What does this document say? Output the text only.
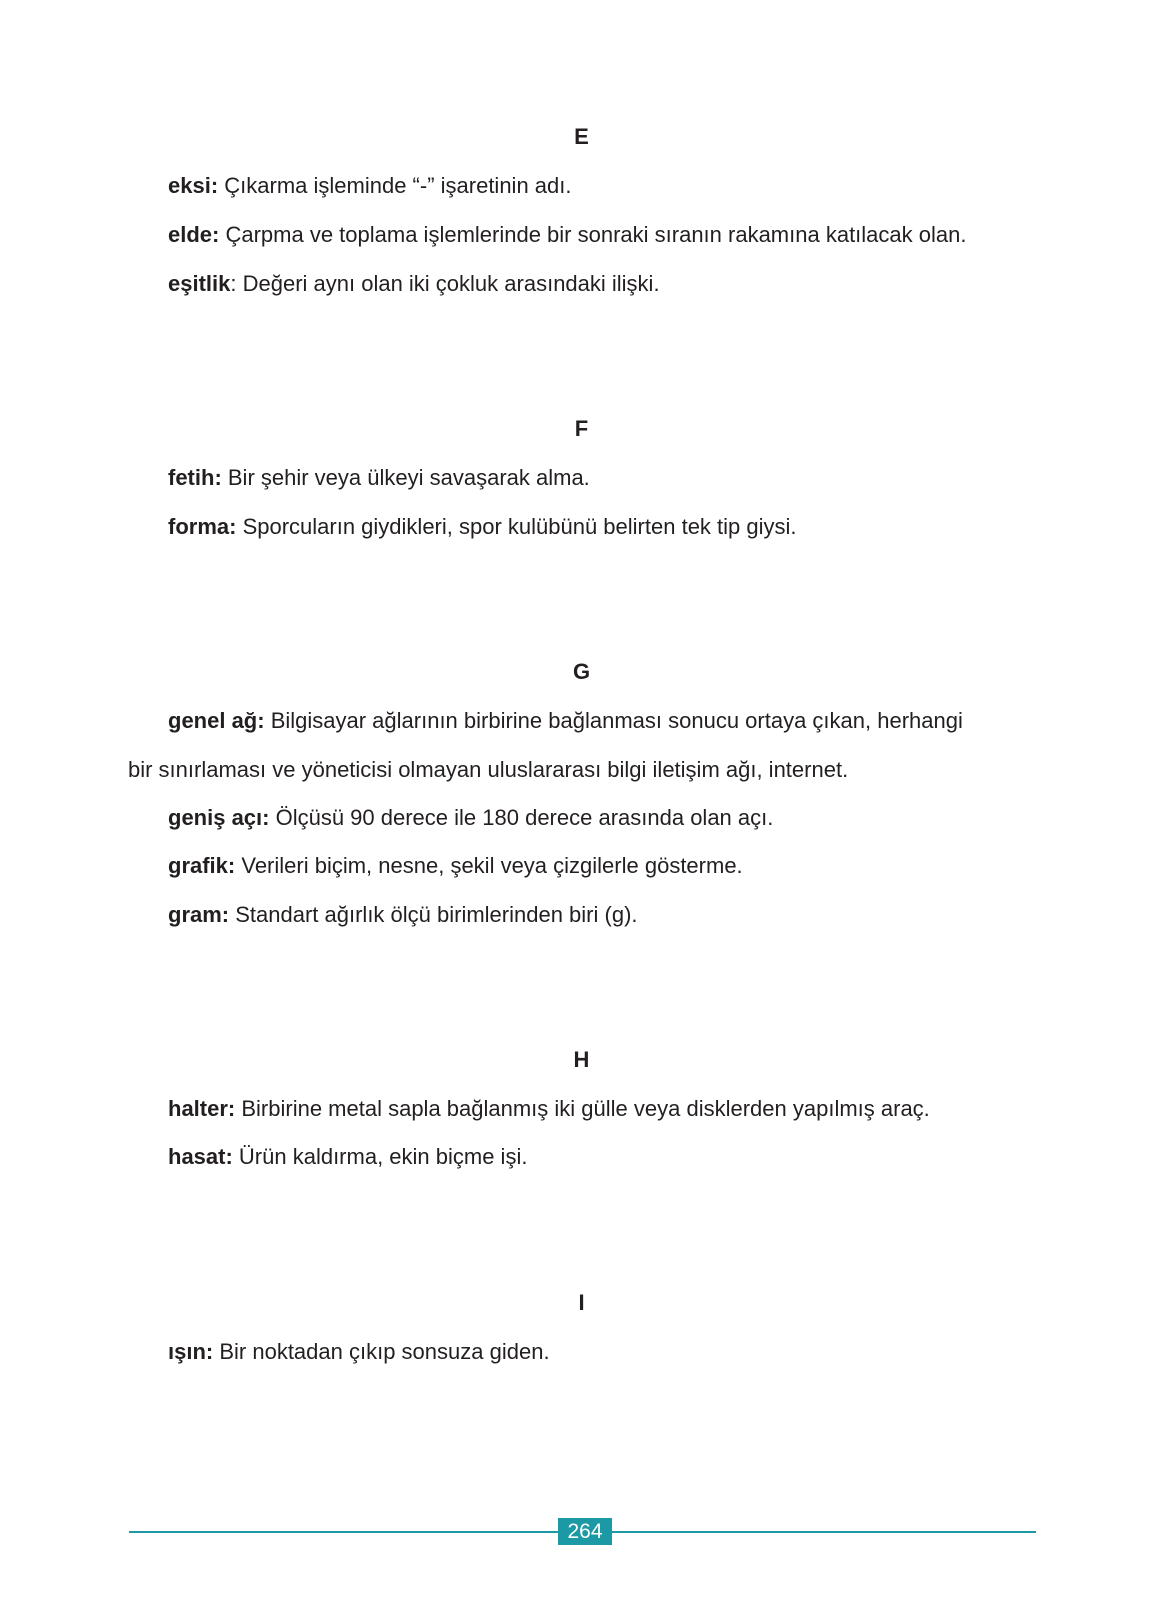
E
eksi: Çıkarma işleminde “-” işaretinin adı.
elde: Çarpma ve toplama işlemlerinde bir sonraki sıranın rakamına katılacak olan.
eşitlik: Değeri aynı olan iki çokluk arasındaki ilişki.
F
fetih: Bir şehir veya ülkeyi savaşarak alma.
forma: Sporcuların giydikleri, spor kulübünü belirten tek tip giysi.
G
genel ağ: Bilgisayar ağlarının birbirine bağlanması sonucu ortaya çıkan, herhangi
bir sınırlaması ve yöneticisi olmayan uluslararası bilgi iletişim ağı, internet.
geniş açı: Ölçüsü 90 derece ile 180 derece arasında olan açı.
grafik: Verileri biçim, nesne, şekil veya çizgilerle gösterme.
gram: Standart ağırlık ölçü birimlerinden biri (g).
H
halter: Birbirine metal sapla bağlanmış iki gülle veya disklerden yapılmış araç.
hasat: Ürün kaldırma, ekin biçme işi.
I
ışın: Bir noktadan çıkıp sonsuza giden.
264
